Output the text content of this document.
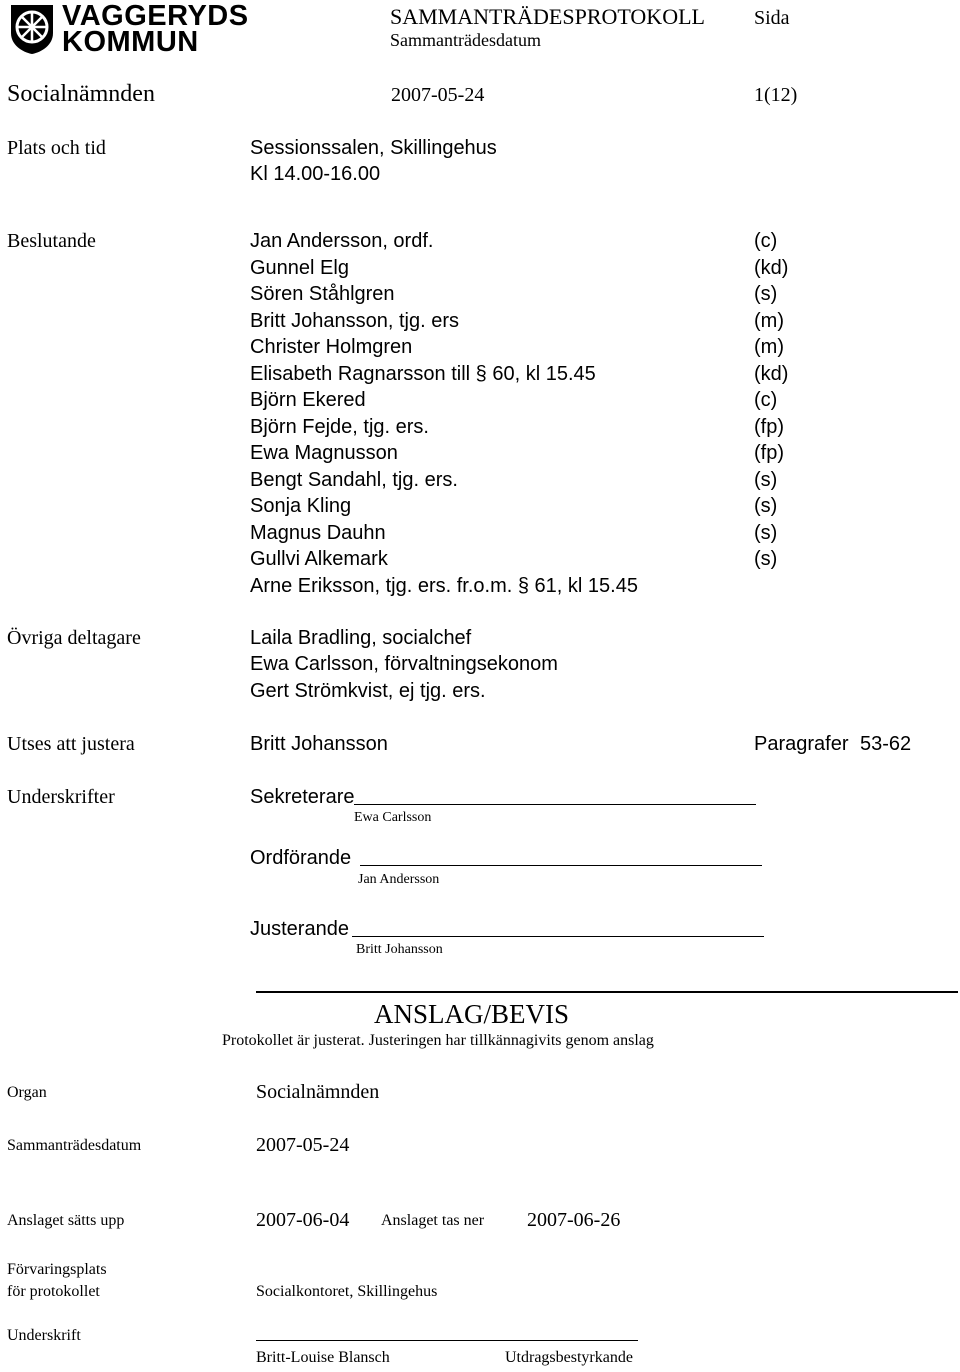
VAGGERYDS
KOMMUN
SAMMANTRÄDESPROTOKOLL Sida
Sammanträdesdatum
Socialnämnden	2007-05-24	1(12)
Plats och tid	Sessionssalen, Skillingehus
Kl 14.00-16.00
Beslutande	Jan Andersson, ordf.	(c)
Gunnel Elg	(kd)
Sören Ståhlgren	(s)
Britt Johansson, tjg. ers	(m)
Christer Holmgren	(m)
Elisabeth Ragnarsson till § 60, kl 15.45	(kd)
Björn Ekered	(c)
Björn Fejde, tjg. ers.	(fp)
Ewa Magnusson	(fp)
Bengt Sandahl, tjg. ers.	(s)
Sonja Kling	(s)
Magnus Dauhn	(s)
Gullvi Alkemark	(s)
Arne Eriksson, tjg. ers. fr.o.m. § 61, kl 15.45
Övriga deltagare	Laila Bradling, socialchef
Ewa Carlsson, förvaltningsekonom
Gert Strömkvist, ej tjg. ers.
Utses att justera	Britt Johansson	Paragrafer 53-62
Underskrifter	Sekreterare
Ewa Carlsson
Ordförande
Jan Andersson
Justerande
Britt Johansson
ANSLAG/BEVIS
Protokollet är justerat. Justeringen har tillkännagivits genom anslag
Organ	Socialnämnden
Sammanträdesdatum	2007-05-24
Anslaget sätts upp	2007-06-04 Anslaget tas ner 2007-06-26
Förvaringsplats
för protokollet	Socialkontoret, Skillingehus
Underskrift
Britt-Louise Blansch	Utdragsbestyrkande
